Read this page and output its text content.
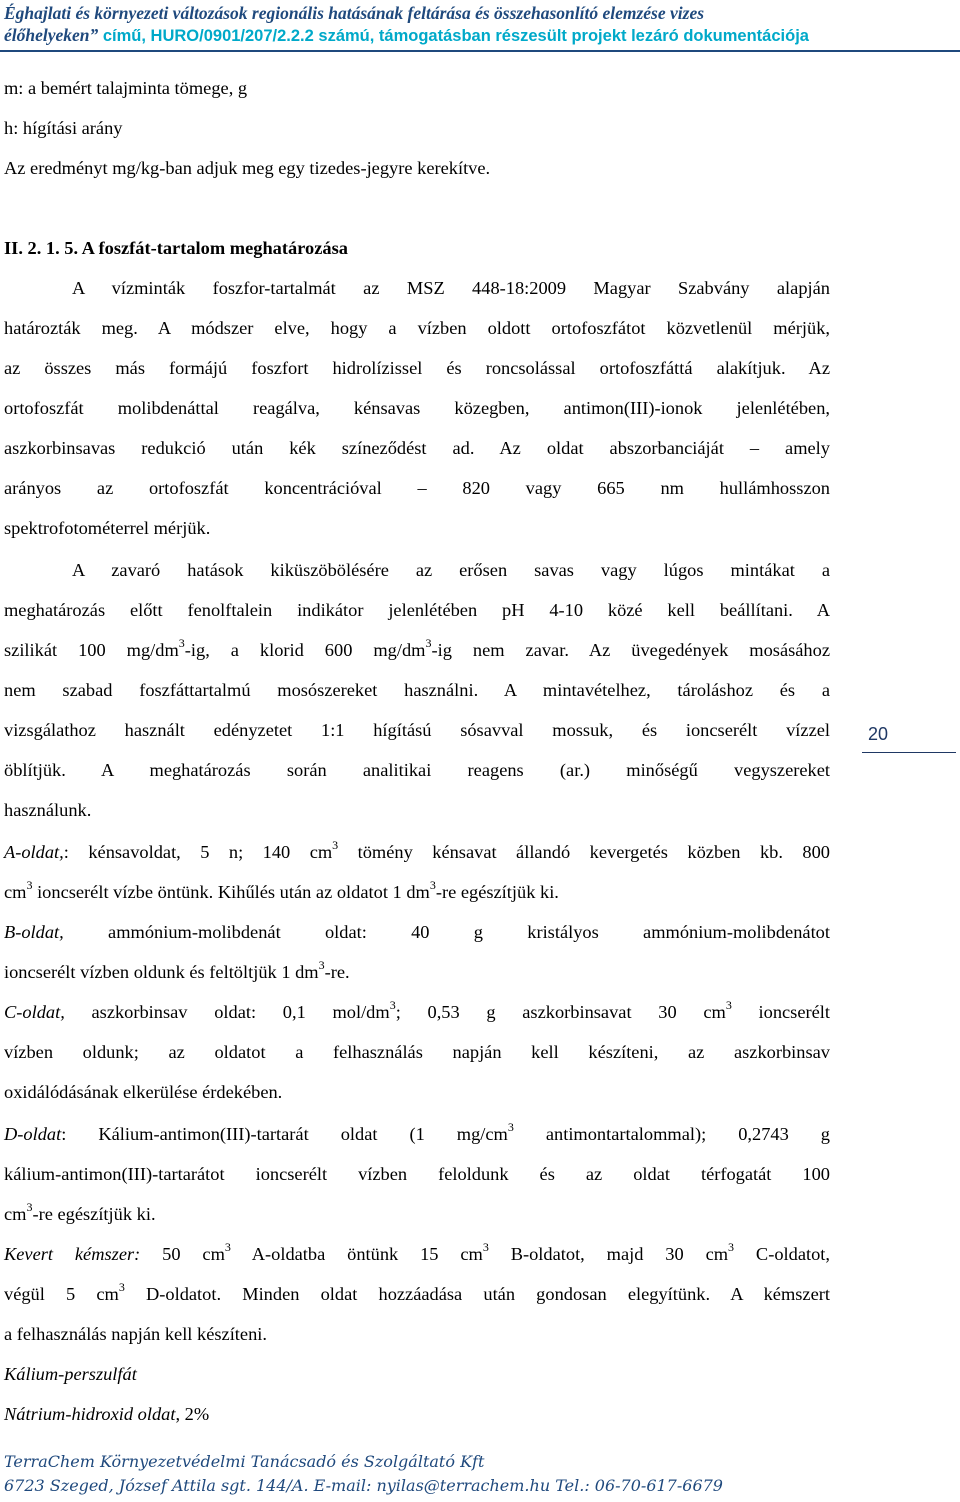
Éghajlati és környezeti változások regionális hatásának feltárása és összehasonlító elemzése vizes
élőhelyeken” című, HURO/0901/207/2.2.2 számú, támogatásban részesült projekt lezáró dokumentációja

m: a bemért talajminta tömege, g

h: hígítási arány

Az eredményt mg/kg-ban adjuk meg egy tizedes-jegyre kerekítve.

II. 2. 1. 5. A foszfát-tartalom meghatározása

A vízminták foszfor-tartalmát az MSZ 448-18:2009 Magyar Szabvány alapján

határozták meg. A módszer elve, hogy a vízben oldott ortofoszfátot közvetlenül mérjük,

az összes más formájú foszfort hidrolízissel és roncsolással ortofoszfáttá alakítjuk. Az

ortofoszfát molibdenáttal reagálva, kénsavas közegben, antimon(III)-ionok jelenlétében,

aszkorbinsavas redukció után kék színeződést ad. Az oldat abszorbanciáját – amely

arányos az ortofoszfát koncentrációval – 820 vagy 665 nm hullámhosszon

spektrofotométerrel mérjük.

A zavaró hatások kiküszöbölésére az erősen savas vagy lúgos mintákat a

meghatározás előtt fenolftalein indikátor jelenlétében pH 4-10 közé kell beállítani. A

szilikát 100 $mg/dm^3-ig$, a klorid 600 $mg/dm^3-ig$ nem zavar. Az üvegedények mosásához

nem szabad foszfáttartalmú mosószereket használni. A mintavételhez, tároláshoz és a

vizsgálathoz használt edényzetet 1:1 hígítású sósavval mossuk, és ioncserélt vízzel

öblítjük. A meghatározás során analitikai reagens (ar.) minőségű vegyszereket

használunk.

A-oldat,: kénsavoldat, 5 n; 140 $cm^3$ tömény kénsavat állandó kevergetés közben kb. 800

$cm^3$ ioncserélt vízbe öntünk. Kihűlés után az oldatot 1 $dm^3-re$ egészítjük ki.

B-oldat, ammónium-molibdenát oldat: 40 g kristályos ammónium-molibdenátot

ioncserélt vízben oldunk és feltöltjük 1 $dm^3-re$.

C-oldat, aszkorbinsav oldat: 0,1 mol/$dm^3$; 0,53 g aszkorbinsavat 30 $cm^3$ ioncserélt

vízben oldunk; az oldatot a felhasználás napján kell készíteni, az aszkorbinsav

oxidálódásának elkerülése érdekében.

D-oldat: Kálium-antimon(III)-tartarát oldat (1 $mg/cm^3$ antimontartalommal); 0,2743 g

kálium-antimon(III)-tartarátot ioncserélt vízben feloldunk és az oldat térfogatát 100

$cm^3-re$ egészítjük ki.

Kevert kémszer: 50 $cm^3$ A-oldatba öntünk 15 $cm^3$ B-oldatot, majd 30 $cm^3$ C-oldatot,

végül 5 $cm^3$ D-oldatot. Minden oldat hozzáadása után gondosan elegyítünk. A kémszert

a felhasználás napján kell készíteni.

Kálium-perszulfát

Nátrium-hidroxid oldat, 2%

20
TerraChem Környezetvédelmi Tanácsadó és Szolgáltató Kft
6723 Szeged, József Attila sgt. 144/A. E-mail: nyilas@terrachem.hu Tel.: 06-70-617-6679
